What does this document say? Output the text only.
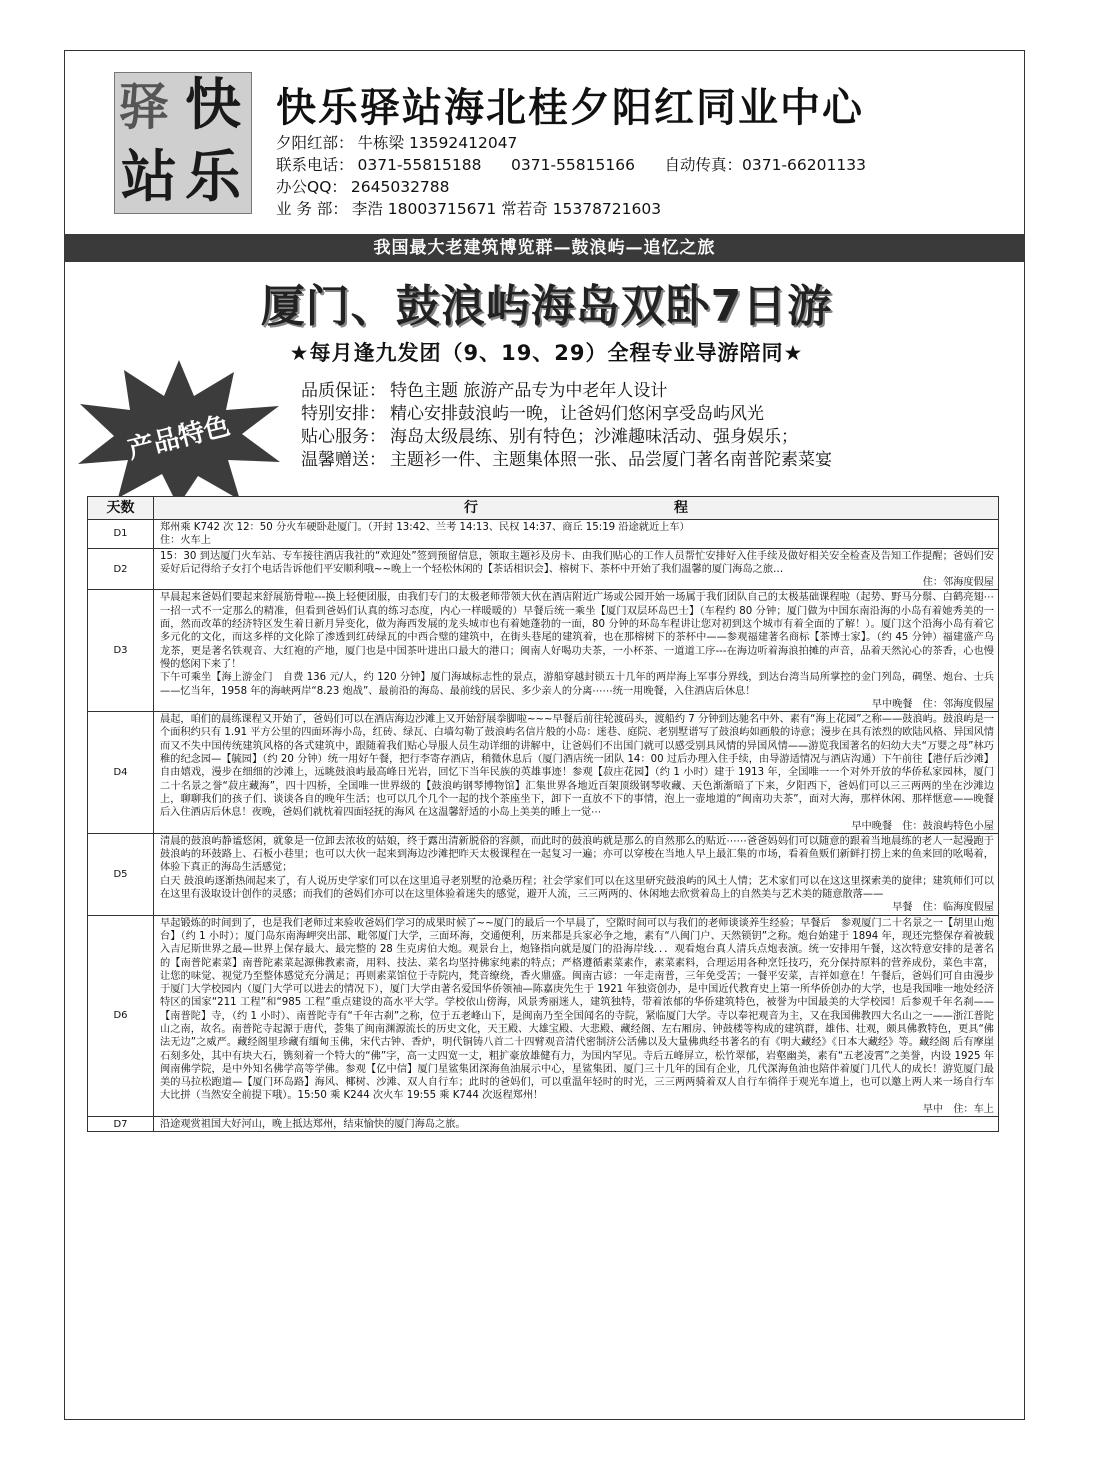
驿 快
站 乐
快乐驿站海北桂夕阳红同业中心
夕阳红部： 牛栋梁 13592412047
联系电话： 0371-55815188      0371-55815166      自动传真：0371-66201133
办公QQ： 2645032788
业 务 部： 李浩 18003715671 常若奇 15378721603
我国最大老建筑博览群—鼓浪屿—追忆之旅
厦门、鼓浪屿海岛双卧7日游
★每月逢九发团（9、19、29）全程专业导游陪同★
产品特色
品质保证： 特色主题 旅游产品专为中老年人设计
特别安排： 精心安排鼓浪屿一晚，让爸妈们悠闲享受岛屿风光
贴心服务： 海岛太级晨练、别有特色；沙滩趣味活动、强身娱乐；
温馨赠送： 主题衫一件、主题集体照一张、品尝厦门著名南普陀素菜宴
天数	行　　　　　　　　　　　　　　程
D1	郑州乘 K742 次 12：50 分火车硬卧赴厦门。（开封 13:42、兰考 14:13、民权 14:37、商丘 15:19 沿途就近上车）
住：火车上

D2	15：30 到达厦门火车站、专车接往酒店我社的“欢迎处”签到预留信息，领取主题衫及房卡、由我们贴心的工作人员帮忙安排好入住手续及做好相关安全检查及告知工作提醒；爸妈们安妥好后记得给子女打个电话告诉他们平安顺利哦~~晚上一个轻松休闲的【茶话相识会】、榕树下、茶杯中开始了我们温馨的厦门海岛之旅…
住：邻海度假屋

D3	早晨起来爸妈们要起来舒展筋骨啦---换上轻便团服，由我们专门的太极老师带领大伙在酒店附近广场或公园开始一场属于我们团队自己的太极基础课程啦（起势、野马分鬃、白鹤亮翅⋯一招一式不一定那么的精准，但看到爸妈们认真的练习态度，内心一样暖暖的）早餐后统一乘坐【厦门双层环岛巴士】（车程约 80 分钟；厦门做为中国东南沿海的小岛有着她秀美的一面，然而改革的经济特区发生着日新月异变化，做为海西发展的龙头城市也有着她蓬勃的一面，80 分钟的环岛车程讲让您对初到这个城市有着全面的了解！）。厦门这个沿海小岛有着它多元化的文化，而这多样的文化除了渗透到红砖绿瓦的中西合璧的建筑中，在街头巷尾的建筑着，也在那榕树下的茶杯中——参观福建著名商标【茶博士家】。（约 45 分钟）福建盛产乌龙茶，更是著名铁观音、大红袍的产地，厦门也是中国茶叶进出口最大的港口；闽南人好喝功夫茶，一小杯茶、一道道工序---在海边听着海浪拍摊的声音，品着天然沁心的茶香，心也慢慢的悠闲下来了！
下午可乘坐【海上游金门　自费 136 元/人，约 120 分钟】厦门海域标志性的景点，游船穿越封锁五十几年的两岸海上军事分界线，到达台湾当局所掌控的金门列岛，碉堡、炮台、士兵——忆当年，1958 年的海峡两岸“8.23 炮战”、最前沿的海岛、最前线的居民、多少亲人的分离⋯⋯统一用晚餐，入住酒店后休息！
早中晚餐　住：邻海度假屋

D4	晨起，咱们的晨练课程又开始了，爸妈们可以在酒店海边沙滩上又开始舒展拳脚啦~~~早餐后前往轮渡码头，渡船约 7 分钟到达驰名中外、素有“海上花园”之称——鼓浪屿。鼓浪屿是一个面积约只有 1.91 平方公里的四面环海小岛，红砖、绿瓦、白墙勾勒了鼓浪屿名信片般的小岛：迷巷、庭院、老别墅谱写了鼓浪屿如画般的诗意；漫步在具有浓烈的欧陆风格、异国风情而又不失中国传统建筑风格的各式建筑中，跟随着我们贴心导服人员生动详细的讲解中，让爸妈们不出国门就可以感受别具风情的异国风情——游览我国著名的妇幼大夫“万婴之母”林巧稚的纪念园—【毓园】（约 20 分钟）统一用好午餐，把行李寄存酒店，稍微休息后（厦门酒店统一团队 14：00 过后办理入住手续，由导游适情况与酒店沟通）下午前往【港仔后沙滩】自由嬉戏，漫步在细细的沙滩上，远眺鼓浪屿最高峰日光岩，回忆下当年民族的英雄事迹！参观【菽庄花园】（约 1 小时）建于 1913 年，全国唯一一个对外开放的华侨私家园林，厦门二十名景之誉“菽庄藏海”，四十四桥，全国唯一世界级的【鼓浪屿钢琴博物馆】汇集世界各地近百架顶级钢琴收藏、天色渐渐暗了下来，夕阳西下，爸妈们可以三三两两的坐在沙滩边上，聊聊我们的孩子们、谈谈各自的晚年生活；也可以几个几个一起的找个茶座坐下，卸下一直放不下的事情，泡上一壶地道的“闽南功夫茶”，面对大海，那样休闲、那样惬意——晚餐后入住酒店后休息！夜晚，爸妈们就枕着四面轻抚的海风 在这温馨舒适的小岛上美美的睡上一觉⋯
早中晚餐　住：鼓浪屿特色小屋

D5	清晨的鼓浪屿静谧悠闲，就象是一位卸去浓妆的姑娘，终于露出清新脱俗的容颜，而此时的鼓浪屿就是那么的自然那么的贴近⋯⋯爸爸妈妈们可以随意的跟着当地晨练的老人一起漫跑于鼓浪屿的环鼓路上、石板小巷里；也可以大伙一起来到海边沙滩把昨天太极课程在一起复习一遍；亦可以穿梭在当地人早上最汇集的市场，看着鱼贩们新鲜打捞上来的鱼来回的吆喝着，体验下真正的海岛生活感觉；
白天 鼓浪屿逐渐热闹起来了，有人说历史学家们可以在这里追寻老别墅的沧桑历程；社会学家们可以在这里研究鼓浪屿的风土人情；艺术家们可以在这这里探索美的旋律；建筑师们可以在这里有汲取设计创作的灵感；而我们的爸妈们亦可以在这里体验着迷失的感觉，避开人流，三三两两的、休闲地去欣赏着岛上的自然美与艺术美的随意散落——
早餐　住：临海度假屋

D6	早起锻炼的时间到了，也是我们老师过来验收爸妈们学习的成果时候了~~厦门的最后一个早晨了，空隙时间可以与我们的老师谈谈养生经验；早餐后　参观厦门二十名景之一【胡里山炮台】（约 1 小时）；厦门岛东南海岬突出部、毗邻厦门大学，三面环海，交通便利，历来都是兵家必争之地，素有“八闽门户、天然锁钥”之称。炮台始建于 1894 年，现还完整保存着被载入吉尼斯世界之最—世界上保存最大、最完整的 28 生克虏伯大炮。观景台上，炮锋指向就是厦门的沿海岸线．．．观看炮台真人清兵点炮表演。统一安排用午餐，这次特意安排的是著名的【南普陀素菜】南普陀素菜起源佛教素斋，用料、技法、菜名均坚持佛家纯素的特点；严格遵循素菜素作，素菜素料，合理运用各种烹饪技巧，充分保持原料的营养成份，菜色丰富，让您的味觉、视觉乃至整体感觉充分满足；再则素菜馆位于寺院内，梵音缭绕，香火鼎盛。闽南古谚：一年走南普，三年免受苦；一餐平安菜，吉祥如意在！午餐后，爸妈们可自由漫步于厦门大学校园内（厦门大学可以进去的情况下），厦门大学由著名爱国华侨领袖—陈嘉庚先生于 1921 年独资创办，是中国近代教育史上第一所华侨创办的大学，也是我国唯一地处经济特区的国家“211 工程”和“985 工程”重点建设的高水平大学。学校依山傍海，风景秀丽迷人，建筑独特，带着浓郁的华侨建筑特色，被誉为中国最美的大学校园！后参观千年名刹——【南普陀】寺，（约 1 小时）、南普陀寺有“千年古刹”之称，位于五老峰山下，是闽南乃至全国闻名的寺院，紧临厦门大学。寺以奉祀观音为主，又在我国佛教四大名山之一——浙江普陀山之南，故名。南普陀寺起源于唐代，荟集了闽南渊源流长的历史文化，天王殿、大雄宝殿、大悲殿、藏经阁、左右厢房、钟鼓楼等构成的建筑群，雄伟、壮观，颇具佛教特色，更具“佛法无边”之威严。藏经阁里珍藏有缅甸玉佛，宋代古钟、香炉，明代铜铸八首二十四臂观音清代密制济公活佛以及大量佛典经书著名的有《明大藏经》《日本大藏经》等。藏经阁 后有摩崖石刻多处，其中有块大石，镌刻着一个特大的“佛”字，高一丈四宽一丈，粗扩豪放雄健有力，为国内罕见。寺后五峰屏立，松竹翠郁，岩壑幽美，素有“五老凌霄”之美誉，内设 1925 年闽南佛学院，是中外知名佛学高等学佛。参观【亿中信】厦门星鲨集团深海鱼油展示中心，星鲨集团、厦门三十几年的国有企业，几代深海鱼油也陪伴着厦门几代人的成长！游览厦门最美的马拉松跑道—【厦门环岛路】海风、椰树、沙滩、双人自行车；此时的爸妈们，可以重温年轻时的时光，三三两两骑着双人自行车徜徉于观光车道上，也可以邀上两人来一场自行车大比拼（当然安全前提下哦）。15:50 乘 K244 次火车 19:55 乘 K744 次返程郑州！
早中　住：车上

D7	沿途观赏祖国大好河山，晚上抵达郑州，结束愉快的厦门海岛之旅。
